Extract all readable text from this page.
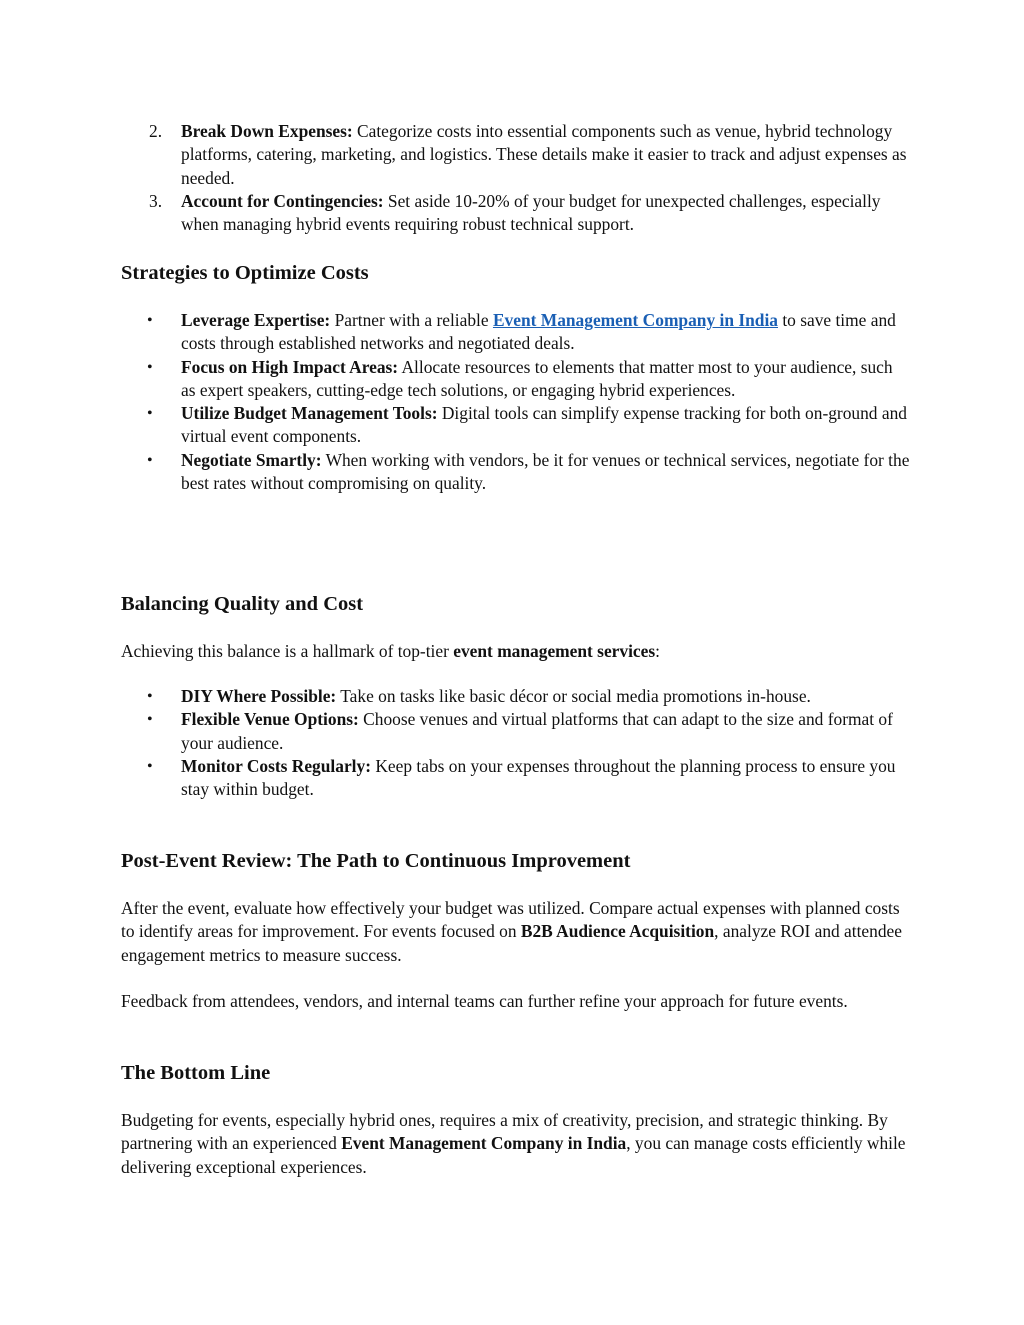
2.	Break Down Expenses: Categorize costs into essential components such as venue, hybrid technology platforms, catering, marketing, and logistics. These details make it easier to track and adjust expenses as needed.
3.	Account for Contingencies: Set aside 10-20% of your budget for unexpected challenges, especially when managing hybrid events requiring robust technical support.
Strategies to Optimize Costs
•	Leverage Expertise: Partner with a reliable Event Management Company in India to save time and costs through established networks and negotiated deals.
•	Focus on High Impact Areas: Allocate resources to elements that matter most to your audience, such as expert speakers, cutting-edge tech solutions, or engaging hybrid experiences.
•	Utilize Budget Management Tools: Digital tools can simplify expense tracking for both on-ground and virtual event components.
•	Negotiate Smartly: When working with vendors, be it for venues or technical services, negotiate for the best rates without compromising on quality.
Balancing Quality and Cost

Achieving this balance is a hallmark of top-tier event management services:

•	DIY Where Possible: Take on tasks like basic décor or social media promotions in-house.
•	Flexible Venue Options: Choose venues and virtual platforms that can adapt to the size and format of your audience.
•	Monitor Costs Regularly: Keep tabs on your expenses throughout the planning process to ensure you stay within budget.
Post-Event Review: The Path to Continuous Improvement

After the event, evaluate how effectively your budget was utilized. Compare actual expenses with planned costs to identify areas for improvement. For events focused on B2B Audience Acquisition, analyze ROI and attendee engagement metrics to measure success.

Feedback from attendees, vendors, and internal teams can further refine your approach for future events.

The Bottom Line

Budgeting for events, especially hybrid ones, requires a mix of creativity, precision, and strategic thinking. By partnering with an experienced Event Management Company in India, you can manage costs efficiently while delivering exceptional experiences.
